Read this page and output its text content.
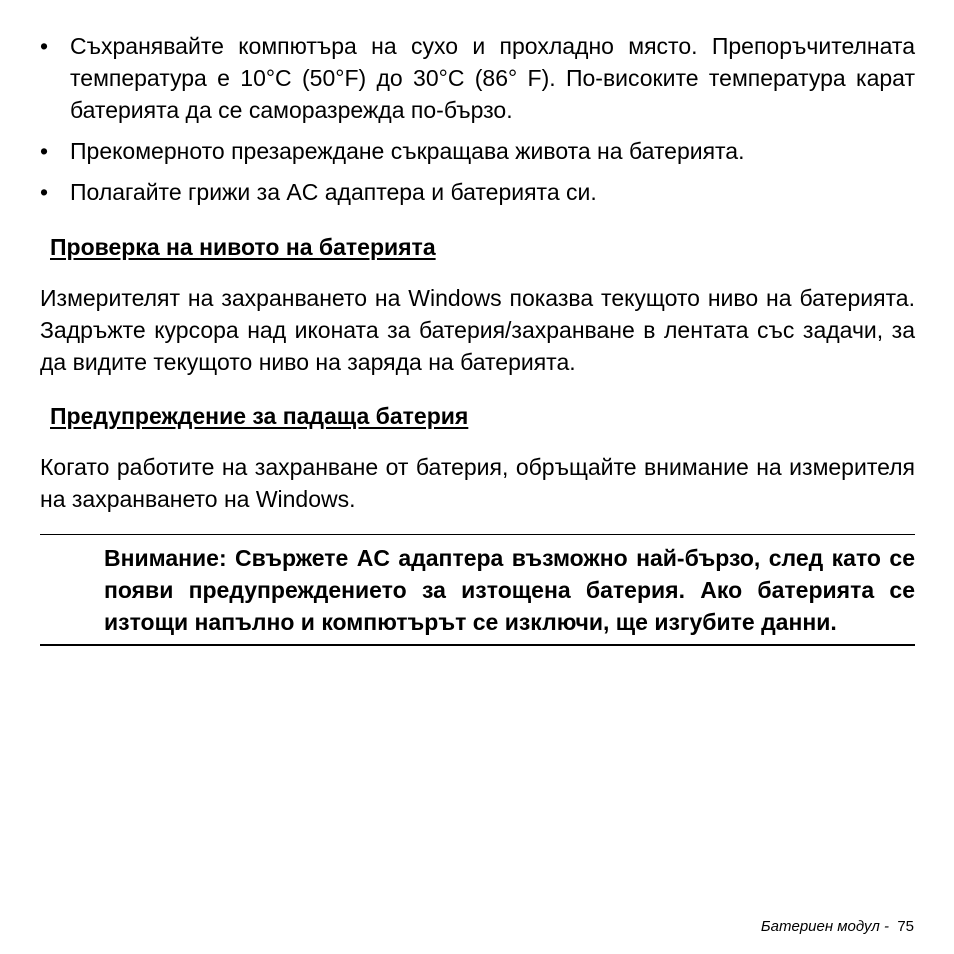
• Съхранявайте компютъра на сухо и прохладно място. Препоръчителната температура е 10°C (50°F) до 30°C (86° F). По-високите температура карат батерията да се саморазрежда по-бързо.
• Прекомерното презареждане съкращава живота на батерията.
• Полагайте грижи за AC адаптера и батерията си.
Проверка на нивото на батерията

Измерителят на захранването на Windows показва текущото ниво на батерията. Задръжте курсора над иконата за батерия/захранване в лентата със задачи, за да видите текущото ниво на заряда на батерията.

Предупреждение за падаща батерия

Когато работите на захранване от батерия, обръщайте внимание на измерителя на захранването на Windows.

Внимание: Свържете AC адаптера възможно най-бързо, след като се появи предупреждението за изтощена батерия. Ако батерията се изтощи напълно и компютърът се изключи, ще изгубите данни.

Батериен модул -  75
